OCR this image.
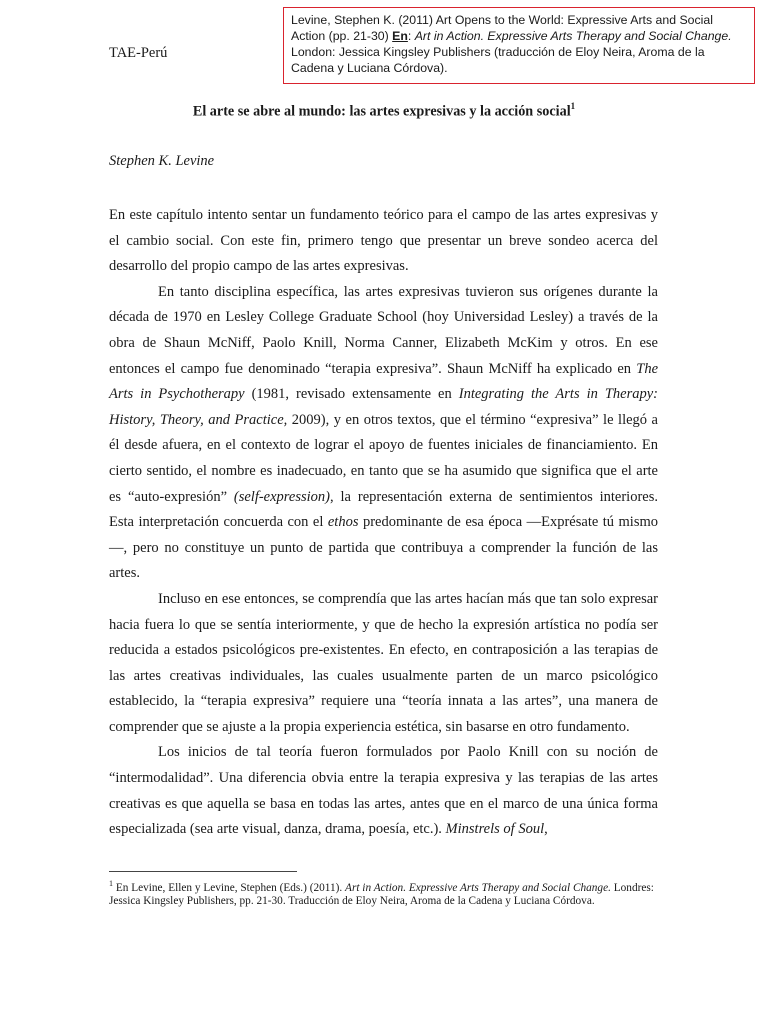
TAE-Perú
Levine, Stephen K. (2011) Art Opens to the World: Expressive Arts and Social Action (pp. 21-30) En: Art in Action. Expressive Arts Therapy and Social Change. London: Jessica Kingsley Publishers (traducción de Eloy Neira, Aroma de la Cadena y Luciana Córdova).
El arte se abre al mundo: las artes expresivas y la acción social$^1$
Stephen K. Levine

En este capítulo intento sentar un fundamento teórico para el campo de las artes expresivas y el cambio social. Con este fin, primero tengo que presentar un breve sondeo acerca del desarrollo del propio campo de las artes expresivas.

En tanto disciplina específica, las artes expresivas tuvieron sus orígenes durante la década de 1970 en Lesley College Graduate School (hoy Universidad Lesley) a través de la obra de Shaun McNiff, Paolo Knill, Norma Canner, Elizabeth McKim y otros. En ese entonces el campo fue denominado “terapia expresiva”. Shaun McNiff ha explicado en The Arts in Psychotherapy (1981, revisado extensamente en Integrating the Arts in Therapy: History, Theory, and Practice, 2009), y en otros textos, que el término “expresiva” le llegó a él desde afuera, en el contexto de lograr el apoyo de fuentes iniciales de financiamiento. En cierto sentido, el nombre es inadecuado, en tanto que se ha asumido que significa que el arte es “auto-expresión” (self-expression), la representación externa de sentimientos interiores. Esta interpretación concuerda con el ethos predominante de esa época —Exprésate tú mismo—, pero no constituye un punto de partida que contribuya a comprender la función de las artes.

Incluso en ese entonces, se comprendía que las artes hacían más que tan solo expresar hacia fuera lo que se sentía interiormente, y que de hecho la expresión artística no podía ser reducida a estados psicológicos pre-existentes. En efecto, en contraposición a las terapias de las artes creativas individuales, las cuales usualmente parten de un marco psicológico establecido, la “terapia expresiva” requiere una “teoría innata a las artes”, una manera de comprender que se ajuste a la propia experiencia estética, sin basarse en otro fundamento.

Los inicios de tal teoría fueron formulados por Paolo Knill con su noción de “intermodalidad”. Una diferencia obvia entre la terapia expresiva y las terapias de las artes creativas es que aquella se basa en todas las artes, antes que en el marco de una única forma especializada (sea arte visual, danza, drama, poesía, etc.). Minstrels of Soul,

$^1$ En Levine, Ellen y Levine, Stephen (Eds.) (2011). Art in Action. Expressive Arts Therapy and Social Change. Londres: Jessica Kingsley Publishers, pp. 21-30. Traducción de Eloy Neira, Aroma de la Cadena y Luciana Córdova.
